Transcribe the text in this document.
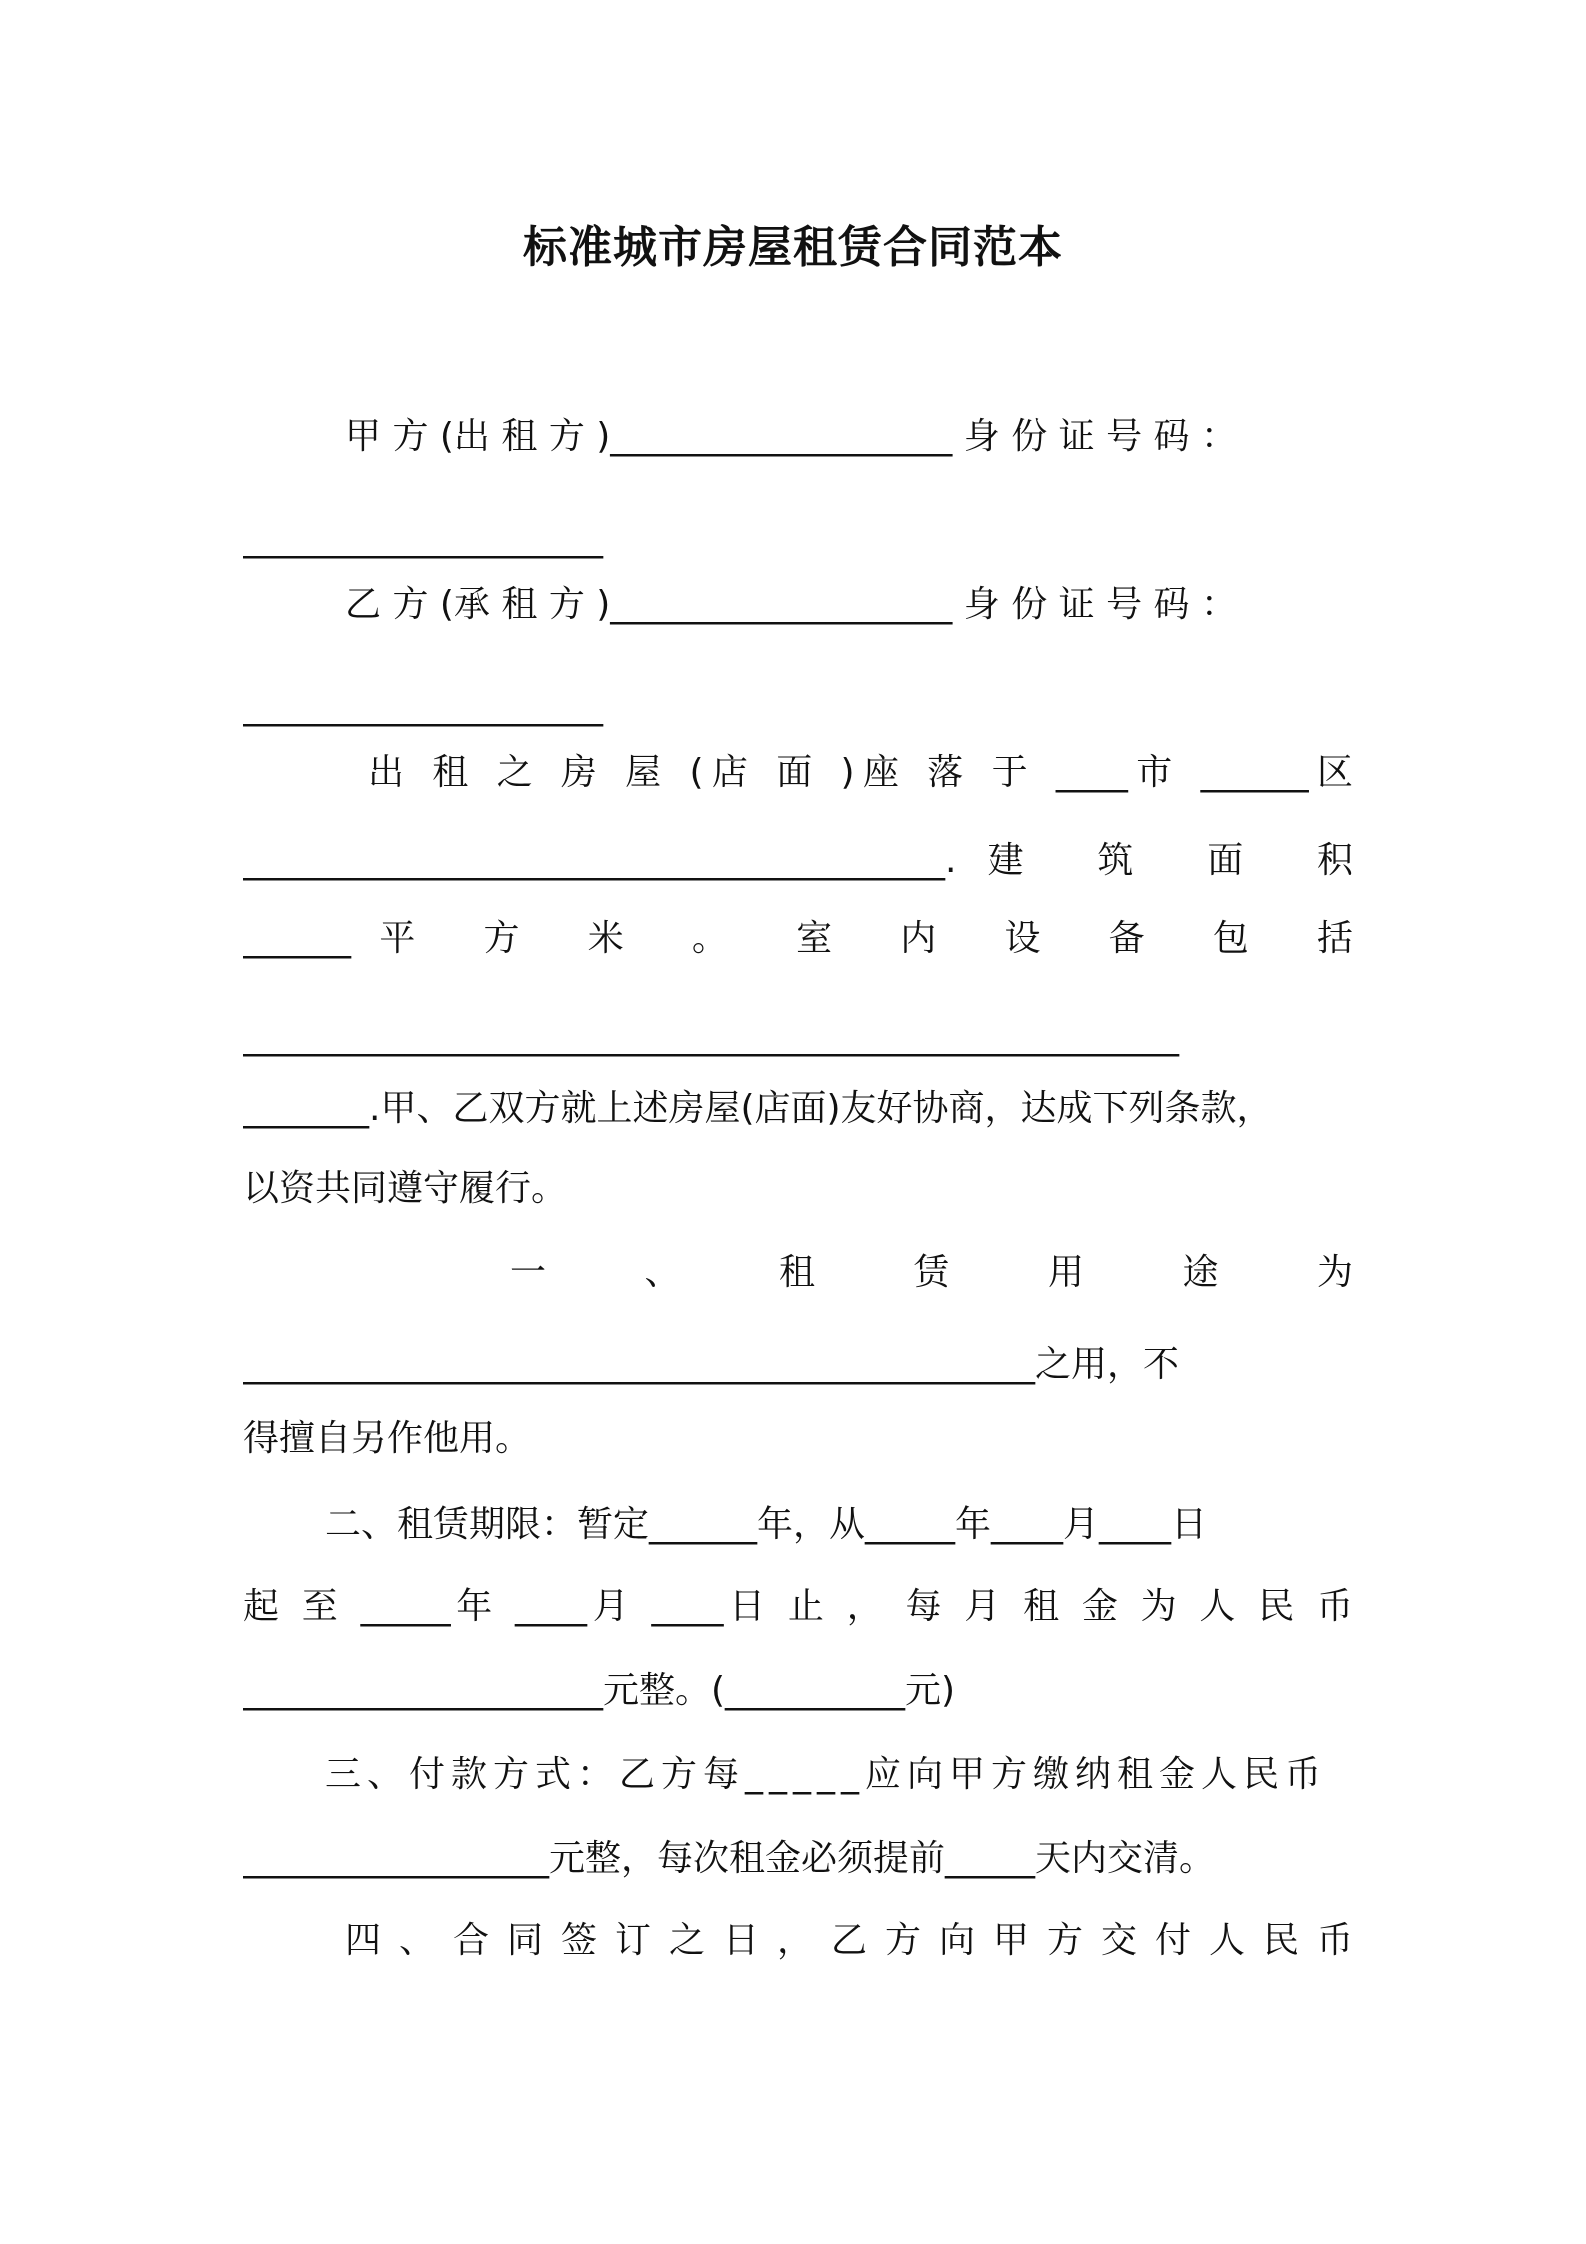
标准城市房屋租赁合同范本
甲 方 (出 租 方 )___________________ 身 份 证 号 码 ：
____________________
乙 方 (承 租 方 )___________________ 身 份 证 号 码 ：
____________________
出 租 之 房 屋 (店 面 )座 落 于 ____市 ______区
_______________________________________.建 筑 面 积
______平 方 米 。 室 内 设 备 包 括
____________________________________________________
_______.甲、乙双方就上述房屋(店面)友好协商，达成下列条款，
以资共同遵守履行。
一 、 租 赁 用 途 为
____________________________________________之用，不
得擅自另作他用。
二、租赁期限：暂定______年，从_____年____月____日
起 至 _____年 ____月 ____日 止 ， 每 月 租 金 为 人 民 币
____________________元整。(__________元)
三、付款方式：乙方每_____应向甲方缴纳租金人民币
_________________元整，每次租金必须提前_____天内交清。
四 、 合 同 签 订 之 日 ， 乙 方 向 甲 方 交 付 人 民 币
